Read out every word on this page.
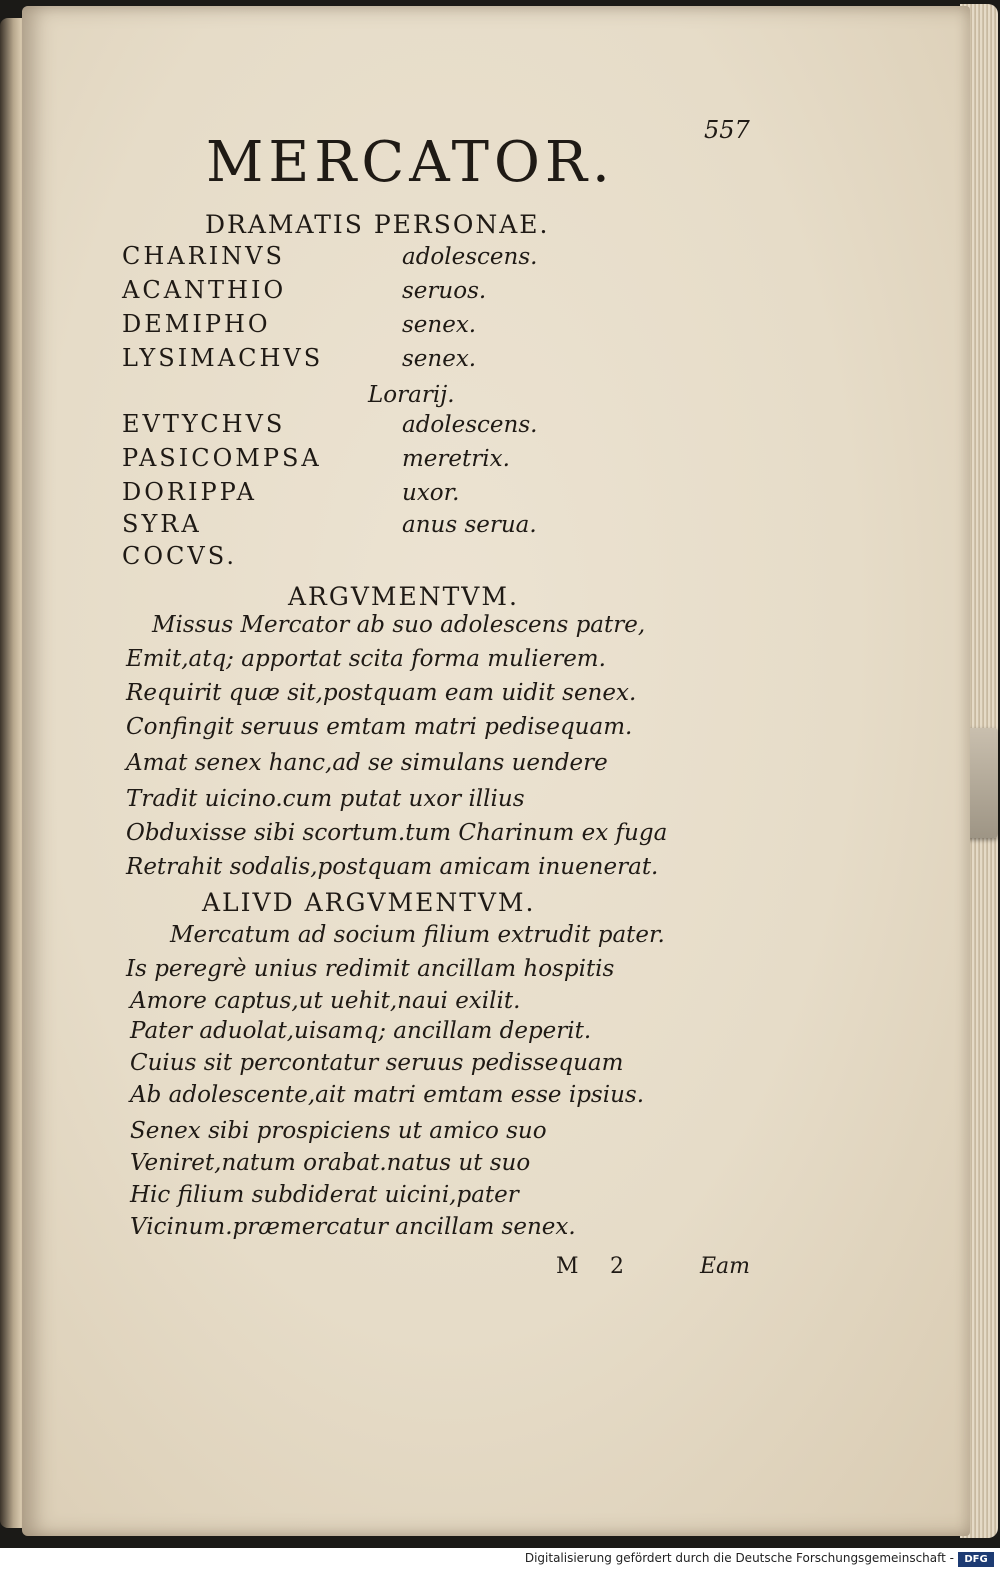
557
MERCATOR.
DRAMATIS PERSONAE.
CHARINVS	adolescens.
ACANTHIO	seruos.
DEMIPHO	senex.
LYSIMACHVS	senex.
EVTYCHVS	adolescens.
PASICOMPSA	meretrix.
DORIPPA	uxor.
SYRA	anus serua.
COCVS.
Lorarij.
ARGVMENTVM.
Missus Mercator ab suo adolescens patre,
Emit,atq; apportat scita forma mulierem.
Requirit quæ sit,postquam eam uidit senex.
Confingit seruus emtam matri pedisequam.
Amat senex hanc,ad se simulans uendere
Tradit uicino.cum putat uxor illius
Obduxisse sibi scortum.tum Charinum ex fuga
Retrahit sodalis,postquam amicam inuenerat.
ALIVD ARGVMENTVM.
Mercatum ad socium filium extrudit pater.
Is peregrè unius redimit ancillam hospitis
Amore captus,ut uehit,naui exilit.
Pater aduolat,uisamq; ancillam deperit.
Cuius sit percontatur seruus pedissequam
Ab adolescente,ait matri emtam esse ipsius.
Senex sibi prospiciens ut amico suo
Veniret,natum orabat.natus ut suo
Hic filium subdiderat uicini,pater
Vicinum.præmercatur ancillam senex.
M 2	Eam
Digitalisierung gefördert durch die Deutsche Forschungsgemeinschaft -	DFG
